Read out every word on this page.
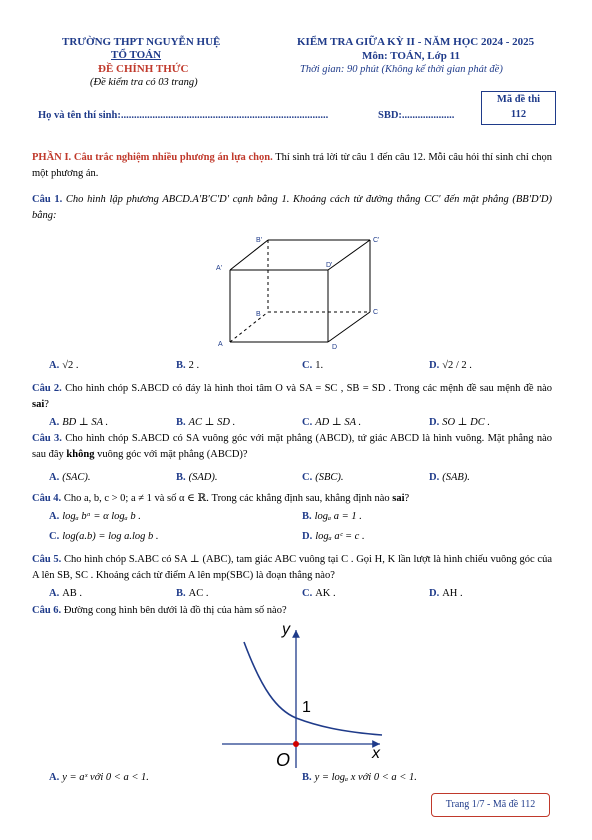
TRƯỜNG THPT NGUYỄN HUỆ
TỔ TOÁN
ĐỀ CHÍNH THỨC
(Đề kiểm tra có 03 trang)
KIỂM TRA GIỮA KỲ II - NĂM HỌC 2024 - 2025
Môn: TOÁN, Lớp 11
Thời gian: 90 phút (Không kể thời gian phát đề)
Họ và tên thí sinh:...............................................................................	SBD:....................
Mã đề thi
112
PHẦN I. Câu trắc nghiệm nhiều phương án lựa chọn. Thí sinh trả lời từ câu 1 đến câu 12. Mỗi câu hỏi thí sinh chỉ chọn một phương án.
Câu 1. Cho hình lập phương ABCD.A′B′C′D′ cạnh bằng 1. Khoảng cách từ đường thẳng CC′ đến mặt phẳng (BB′D′D) bằng:
A
B	C
D
A'
B'	C'
D'
A. √2 .	B. 2 .	C. 1.	D. √2 / 2 .
Câu 2. Cho hình chóp S.ABCD có đáy là hình thoi tâm O và SA = SC , SB = SD . Trong các mệnh đề sau mệnh đề nào sai?
A. BD ⊥ SA .	B. AC ⊥ SD .	C. AD ⊥ SA .	D. SO ⊥ DC .
Câu 3. Cho hình chóp S.ABCD có SA vuông góc với mặt phẳng (ABCD), tứ giác ABCD là hình vuông. Mặt phẳng nào sau đây không vuông góc với mặt phẳng (ABCD)?
A. (SAC).	B. (SAD).	C. (SBC).	D. (SAB).
Câu 4. Cho a, b, c > 0; a ≠ 1 và số α ∈ ℝ. Trong các khẳng định sau, khẳng định nào sai?
A. logₐ bᵅ = α logₐ b .	B. logₐ a = 1 .
C. log(a.b) = log a.log b .	D. logₐ aᶜ = c .
Câu 5. Cho hình chóp S.ABC có SA ⊥ (ABC), tam giác ABC vuông tại C . Gọi H, K lần lượt là hình chiếu vuông góc của A lên SB, SC . Khoảng cách từ điểm A lên mp(SBC) là đoạn thẳng nào?
A. AB .	B. AC .	C. AK .	D. AH .
Câu 6. Đường cong hình bên dưới là đồ thị của hàm số nào?
y
x
O
1
A. y = aˣ với 0 < a < 1.	B. y = logₐ x với 0 < a < 1.
Trang 1/7 - Mã đề 112
